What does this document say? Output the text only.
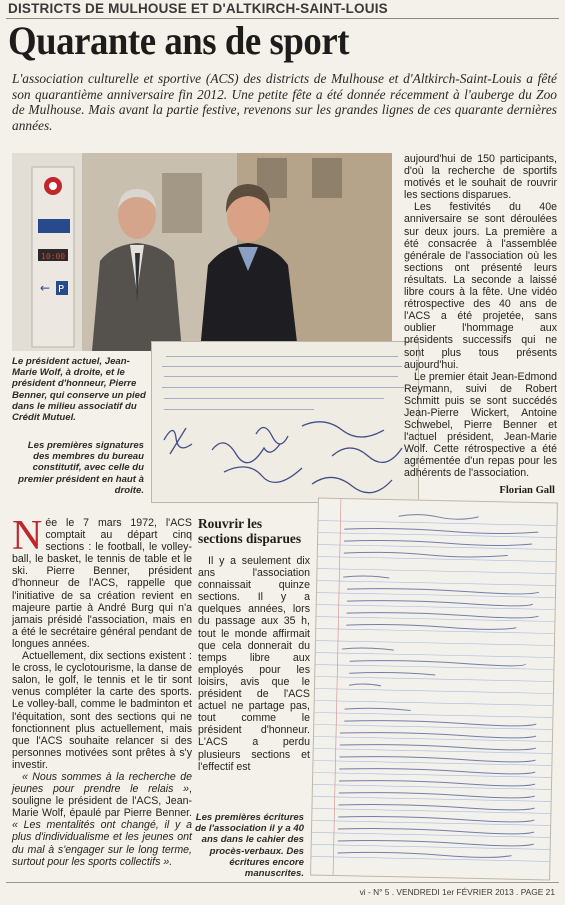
DISTRICTS DE MULHOUSE ET D'ALTKIRCH-SAINT-LOUIS
Quarante ans de sport
L'association culturelle et sportive (ACS) des districts de Mulhouse et d'Altkirch-Saint-Louis a fêté son quarantième anniversaire fin 2012. Une petite fête a été donnée récemment à l'auberge du Zoo de Mulhouse. Mais avant la partie festive, revenons sur les grandes lignes de ces quarante dernières années.
10:00
← P
Le président actuel, Jean-Marie Wolf, à droite, et le président d'honneur, Pierre Benner, qui conserve un pied dans le milieu associatif du Crédit Mutuel.
Les premières signatures des membres du bureau constitutif, avec celle du premier président en haut à droite.

aujourd'hui de 150 participants, d'où la recherche de sportifs motivés et le souhait de rouvrir les sections disparues.

Les festivités du 40e anniversaire se sont déroulées sur deux jours. La première a été consacrée à l'assemblée générale de l'association où les sections ont présenté leurs résultats. La seconde a laissé libre cours à la fête. Une vidéo rétrospective des 40 ans de l'ACS a été projetée, sans oublier l'hommage aux présidents successifs qui ne sont plus tous présents aujourd'hui.

Le premier était Jean-Edmond Reymann, suivi de Robert Schmitt puis se sont succédés Jean-Pierre Wickert, Antoine Schwebel, Pierre Benner et l'actuel président, Jean-Marie Wolf. Cette rétrospective a été agrémentée d'un repas pour les adhérents de l'association.

Florian Gall

Née le 7 mars 1972, l'ACS comptait au départ cinq sections : le football, le volley-ball, le basket, le tennis de table et le ski. Pierre Benner, président d'honneur de l'ACS, rappelle que l'initiative de sa création revient en majeure partie à André Burg qui n'a jamais présidé l'association, mais en a été le secrétaire général pendant de longues années.

Actuellement, dix sections existent : le cross, le cyclotourisme, la danse de salon, le golf, le tennis et le tir sont venus compléter la carte des sports. Le volley-ball, comme le badminton et l'équitation, sont des sections qui ne fonctionnent plus actuellement, mais que l'ACS souhaite relancer si des personnes motivées sont prêtes à s'y investir.

« Nous sommes à la recherche de jeunes pour prendre le relais », souligne le président de l'ACS, Jean-Marie Wolf, épaulé par Pierre Benner. « Les mentalités ont changé, il y a plus d'individualisme et les jeunes ont du mal à s'engager sur le long terme, surtout pour les sports collectifs ».

Rouvrir les sections disparues

Il y a seulement dix ans l'association connaissait quinze sections. Il y a quelques années, lors du passage aux 35 h, tout le monde affirmait que cela donnerait du temps libre aux employés pour les loisirs, avis que le président de l'ACS actuel ne partage pas, tout comme le président d'honneur. L'ACS a perdu plusieurs sections et l'effectif est

Les premières écritures de l'association il y a 40 ans dans le cahier des procès-verbaux. Des écritures encore manuscrites.
vi - N° 5 . VENDREDI 1er FÉVRIER 2013 . PAGE 21
